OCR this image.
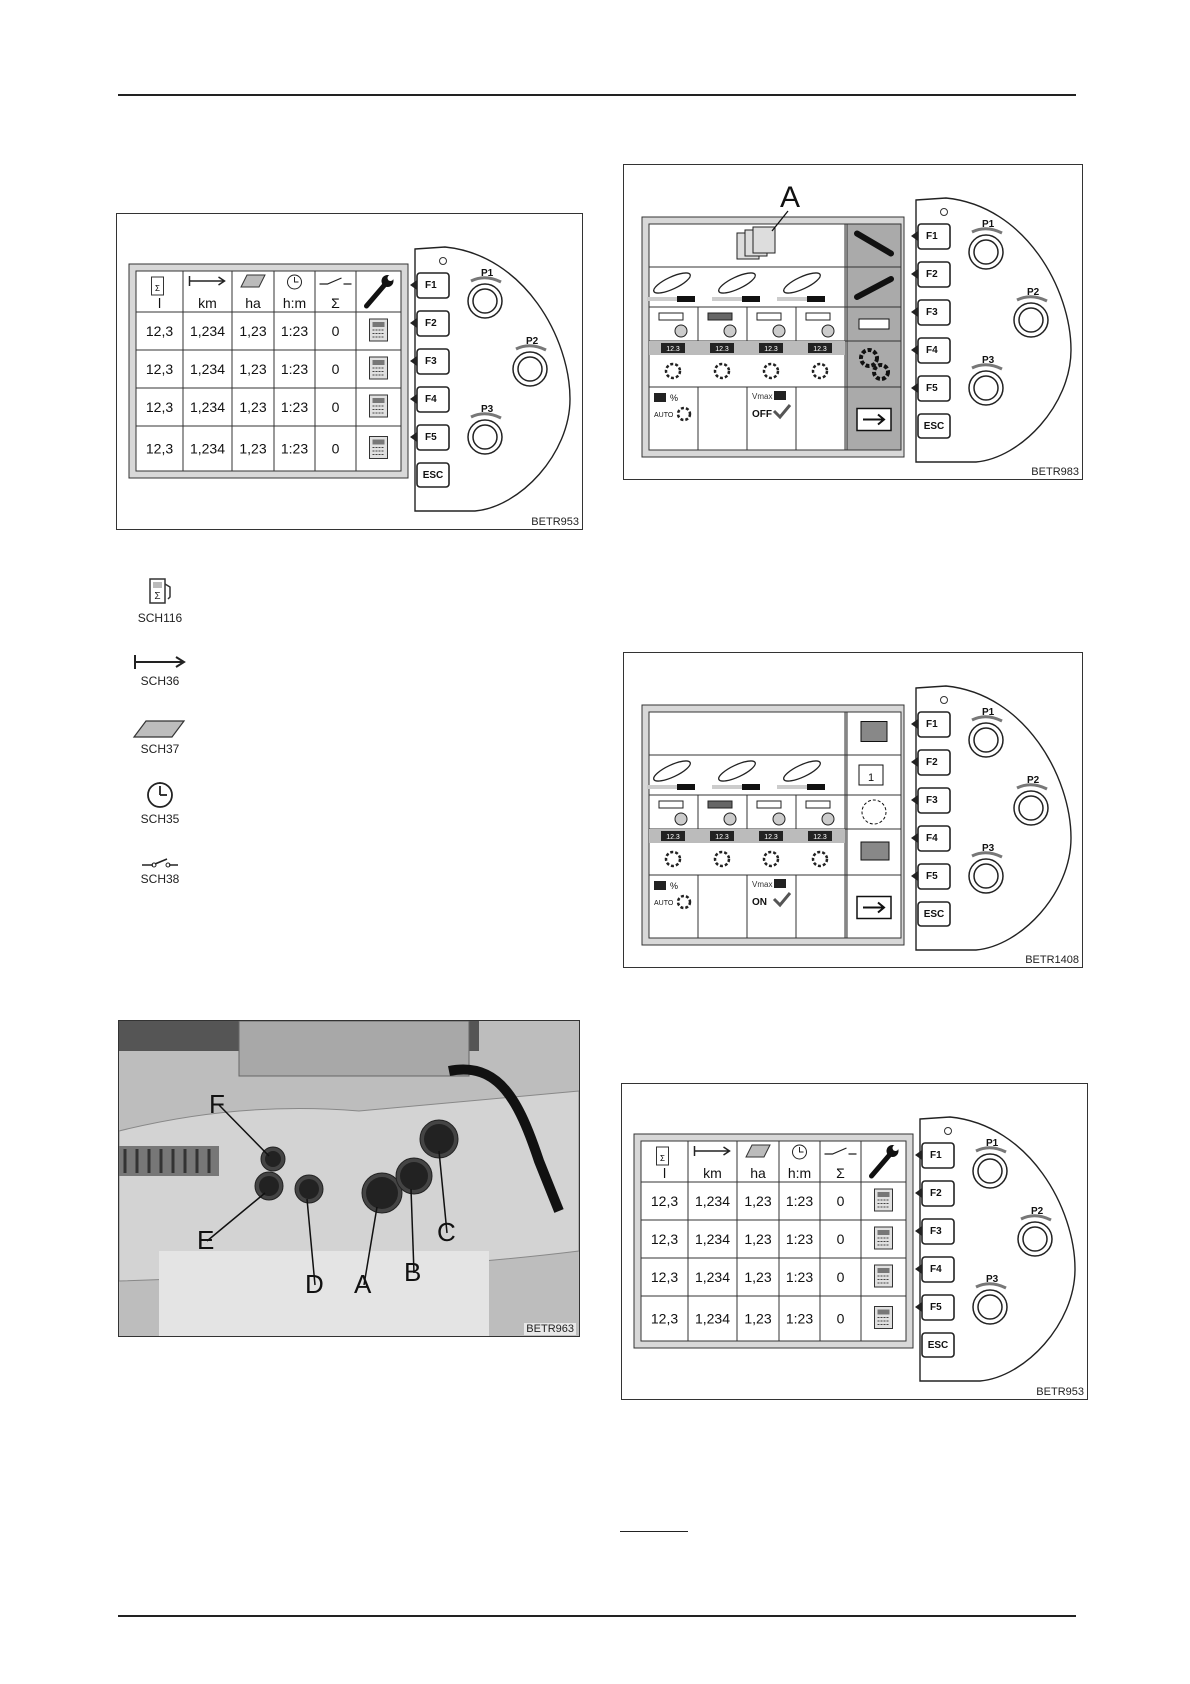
Σ
l	km ha h:m Σ
12,3 1,234 1,23 1:23 0
12,3 1,234 1,23 1:23 0
12,3 1,234 1,23 1:23 0
12,3 1,234 1,23 1:23 0
F1
F2
F3
F4
F5
ESC
P1
P2
P3
BETR953
A
12.3	12.3	12.3	12.3
%
AUTO
Vmax
OFF
F1
F2
F3
F4
F5
ESC
P1
P2
P3
BETR983
Σ
SCH116
SCH36
SCH37
SCH35
SCH38
12.3	12.3	12.3	12.3
%
AUTO
Vmax
ON
1
F1
F2
F3
F4
F5
ESC
P1
P2
P3
BETR1408
F
E
D A B
C
BETR963
Σ
l	km ha h:m Σ
12,3 1,234 1,23 1:23 0
12,3 1,234 1,23 1:23 0
12,3 1,234 1,23 1:23 0
12,3 1,234 1,23 1:23 0
F1
F2
F3
F4
F5
ESC
P1
P2
P3
BETR953
